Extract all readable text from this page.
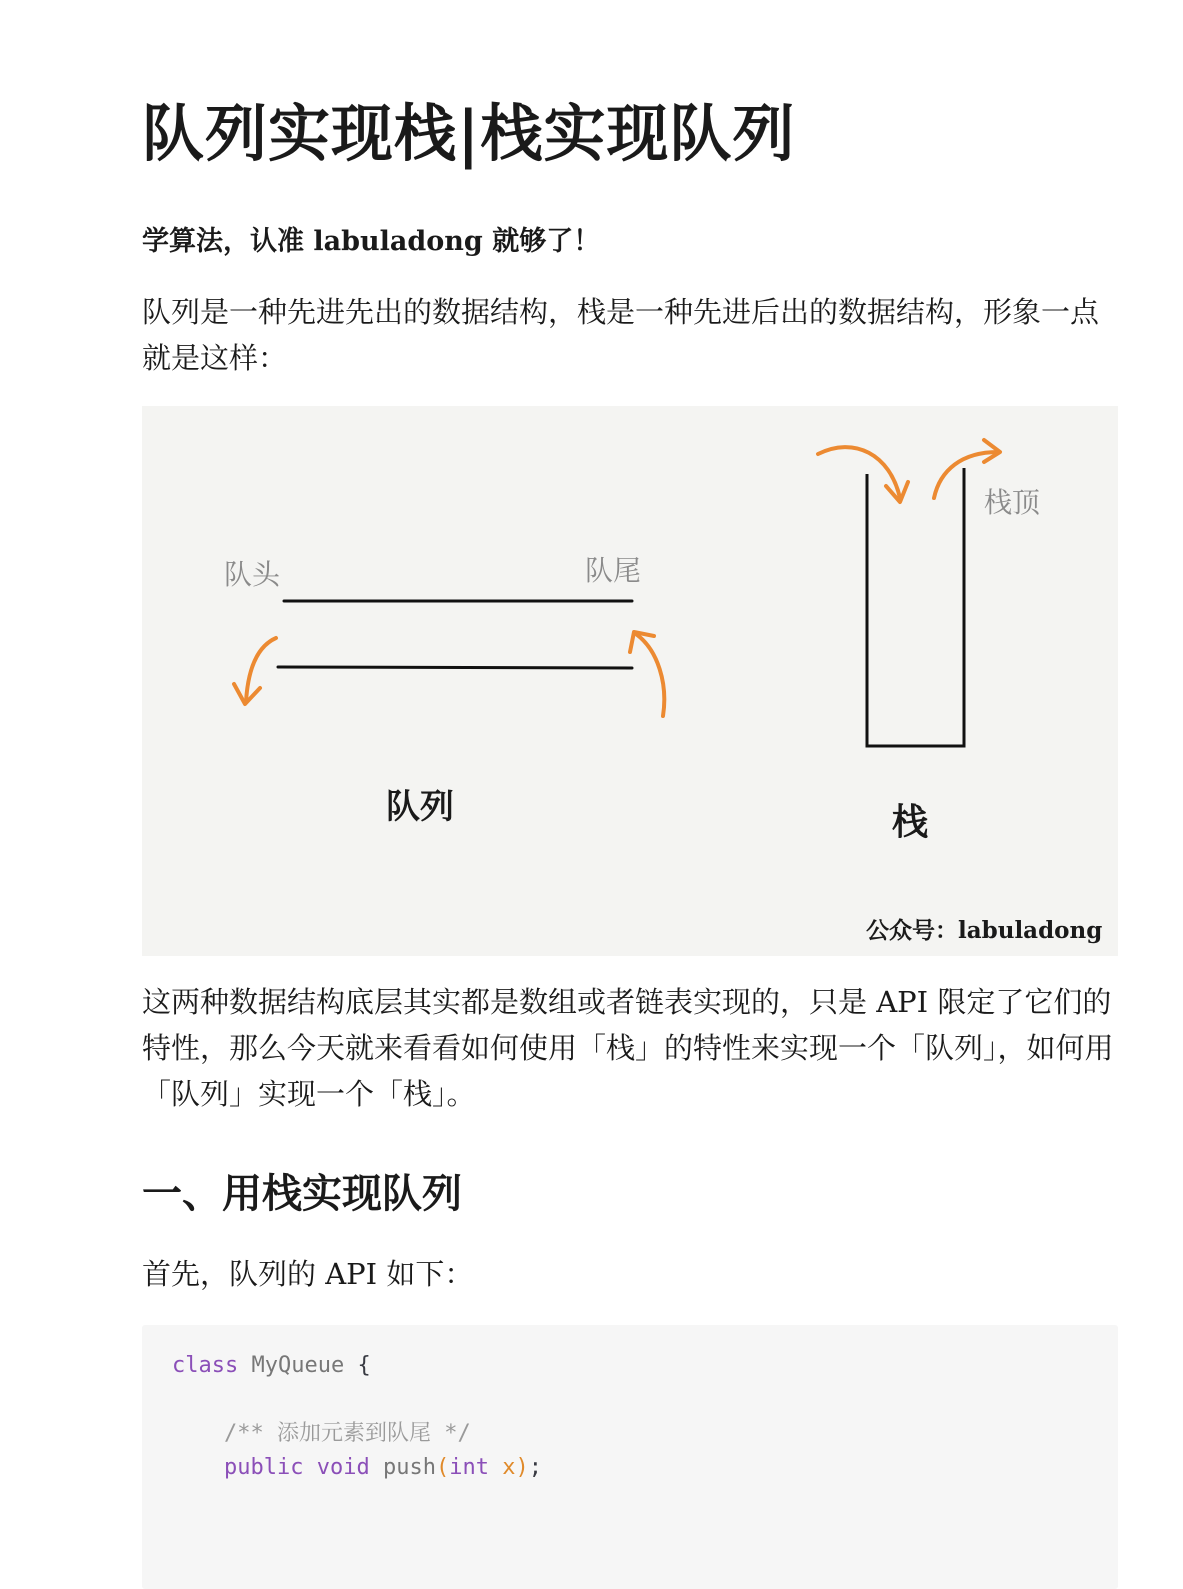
队列实现栈|栈实现队列

学算法，认准 labuladong 就够了！

队列是一种先进先出的数据结构，栈是一种先进后出的数据结构，形象一点就是这样：

队头	队尾
队列
栈顶
栈
公众号：labuladong

这两种数据结构底层其实都是数组或者链表实现的，只是 API 限定了它们的特性，那么今天就来看看如何使用「栈」的特性来实现一个「队列」，如何用「队列」实现一个「栈」。

一、用栈实现队列

首先，队列的 API 如下：

class MyQueue {
/** 添加元素到队尾 */
public void push(int x);
